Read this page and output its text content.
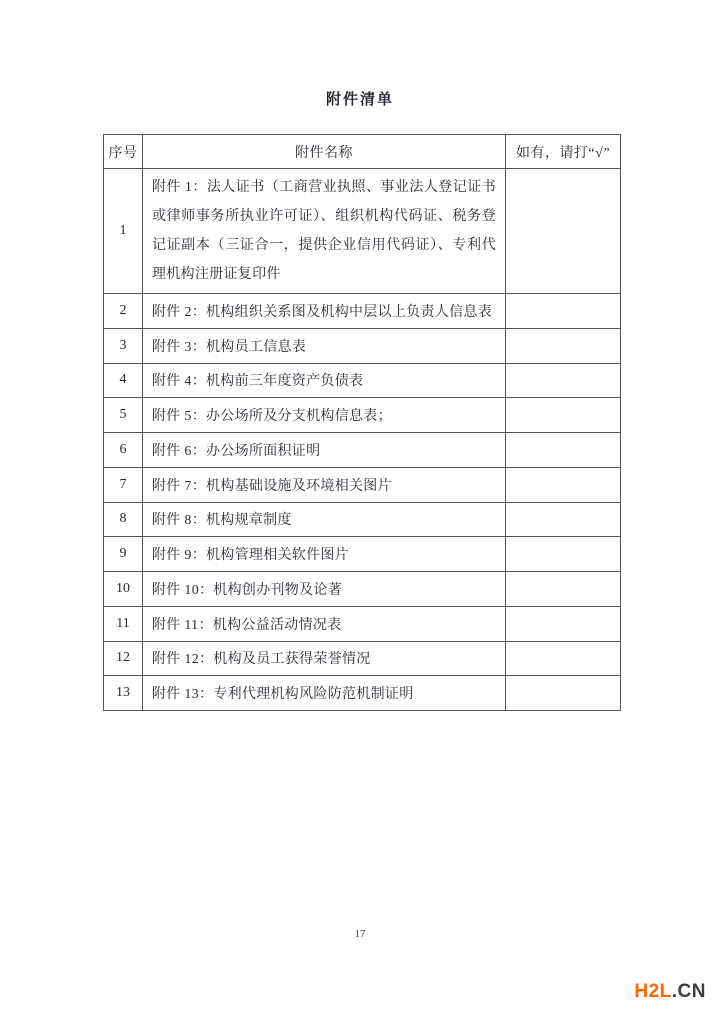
附件清单
序号	附件名称	如有，请打“√”
1	附件 1：法人证书（工商营业执照、事业法人登记证书或律师事务所执业许可证）、组织机构代码证、税务登记证副本（三证合一，提供企业信用代码证）、专利代理机构注册证复印件	
2	附件 2：机构组织关系图及机构中层以上负责人信息表	
3	附件 3：机构员工信息表	
4	附件 4：机构前三年度资产负债表	
5	附件 5：办公场所及分支机构信息表；	
6	附件 6：办公场所面积证明	
7	附件 7：机构基础设施及环境相关图片	
8	附件 8：机构规章制度	
9	附件 9：机构管理相关软件图片	
10	附件 10：机构创办刊物及论著	
11	附件 11：机构公益活动情况表	
12	附件 12：机构及员工获得荣誉情况	
13	附件 13：专利代理机构风险防范机制证明	
17
H2L.CN
